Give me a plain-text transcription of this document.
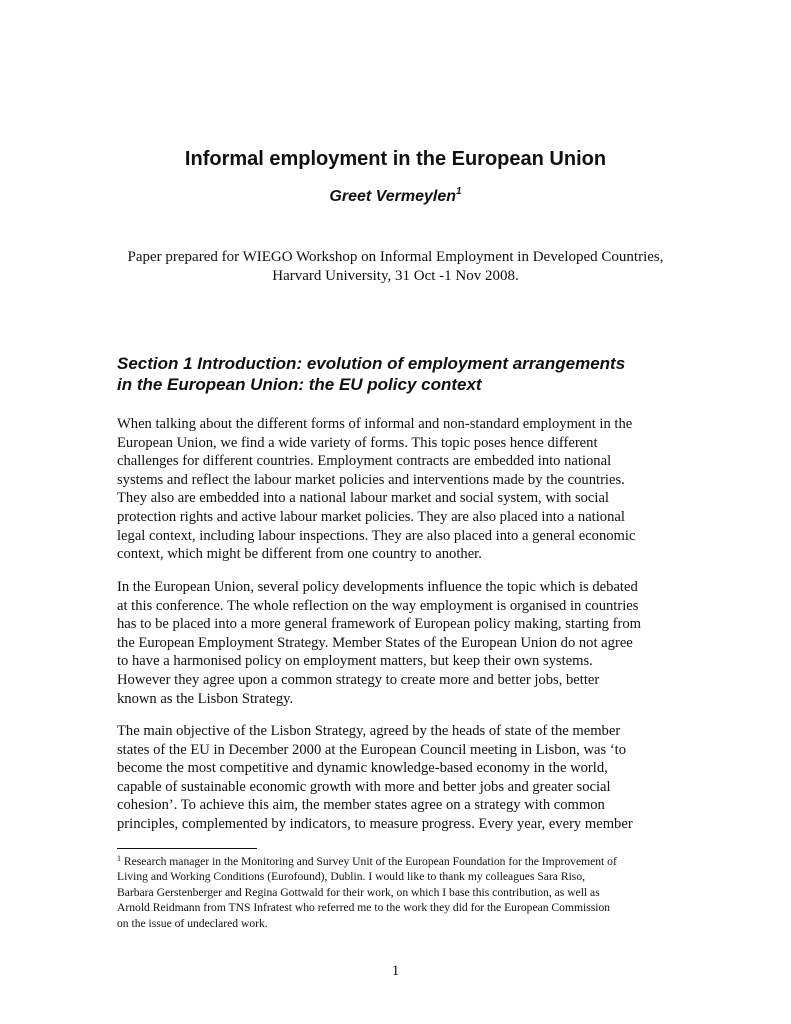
Informal employment in the European Union
Greet Vermeylen$^1$
Paper prepared for WIEGO Workshop on Informal Employment in Developed Countries,
Harvard University, 31 Oct -1 Nov 2008.
Section 1 Introduction: evolution of employment arrangements
in the European Union: the EU policy context
When talking about the different forms of informal and non-standard employment in the
European Union, we find a wide variety of forms. This topic poses hence different
challenges for different countries. Employment contracts are embedded into national
systems and reflect the labour market policies and interventions made by the countries.
They also are embedded into a national labour market and social system, with social
protection rights and active labour market policies. They are also placed into a national
legal context, including labour inspections. They are also placed into a general economic
context, which might be different from one country to another.
In the European Union, several policy developments influence the topic which is debated
at this conference. The whole reflection on the way employment is organised in countries
has to be placed into a more general framework of European policy making, starting from
the European Employment Strategy. Member States of the European Union do not agree
to have a harmonised policy on employment matters, but keep their own systems.
However they agree upon a common strategy to create more and better jobs, better
known as the Lisbon Strategy.
The main objective of the Lisbon Strategy, agreed by the heads of state of the member
states of the EU in December 2000 at the European Council meeting in Lisbon, was ‘to
become the most competitive and dynamic knowledge-based economy in the world,
capable of sustainable economic growth with more and better jobs and greater social
cohesion’. To achieve this aim, the member states agree on a strategy with common
principles, complemented by indicators, to measure progress. Every year, every member
$^1$ Research manager in the Monitoring and Survey Unit of the European Foundation for the Improvement of
Living and Working Conditions (Eurofound), Dublin. I would like to thank my colleagues Sara Riso,
Barbara Gerstenberger and Regina Gottwald for their work, on which I base this contribution, as well as
Arnold Reidmann from TNS Infratest who referred me to the work they did for the European Commission
on the issue of undeclared work.
1
